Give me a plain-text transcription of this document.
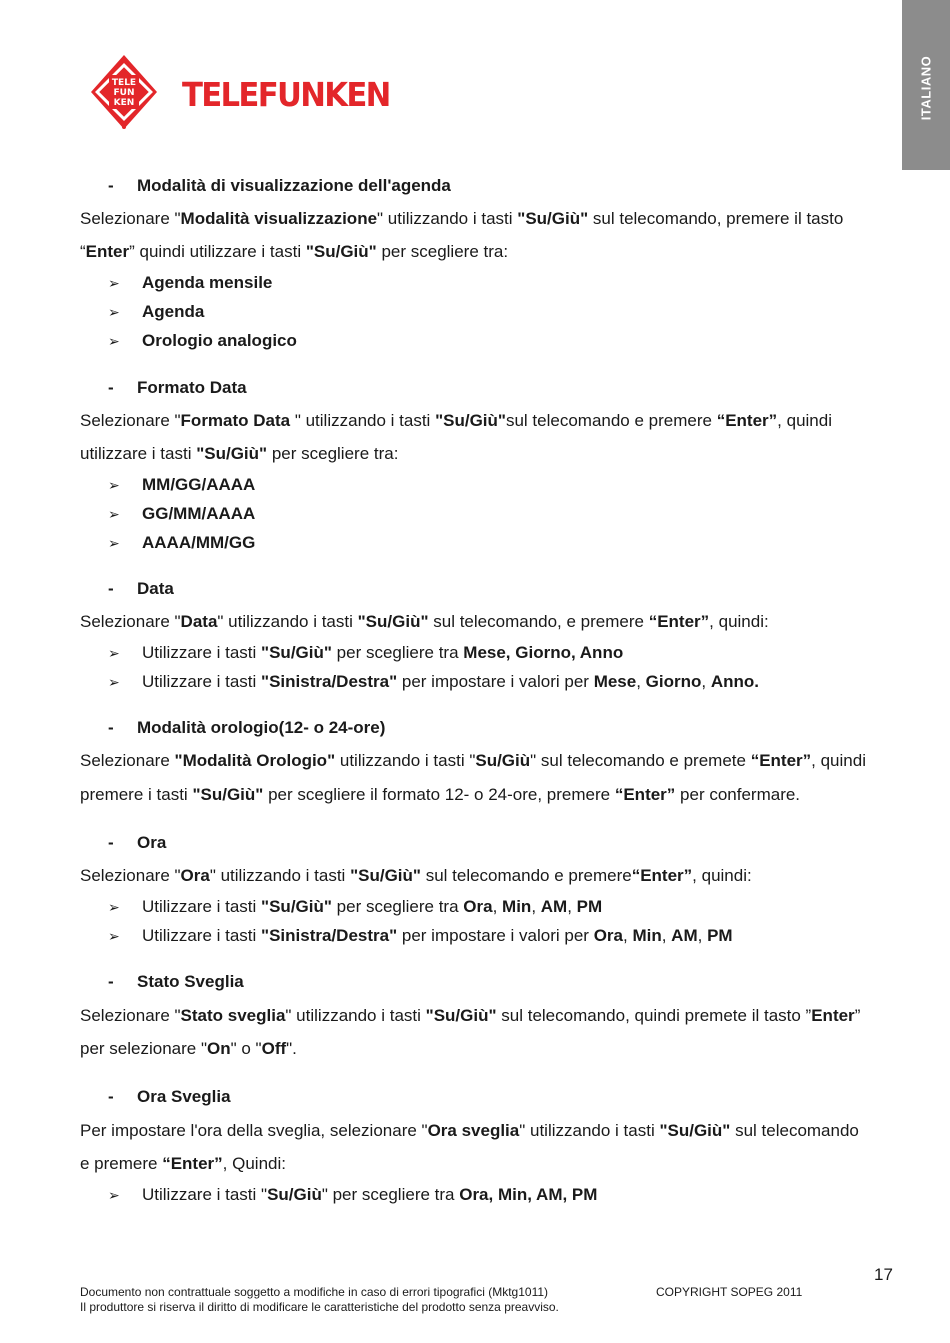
ITALIANO
TELE
FUN
KEN TELEFUNKEN
- Modalità di visualizzazione dell'agenda
Selezionare "Modalità visualizzazione" utilizzando i tasti "Su/Giù" sul telecomando, premere il tasto
“Enter” quindi utilizzare i tasti "Su/Giù" per scegliere tra:
➢ Agenda mensile
➢ Agenda
➢ Orologio analogico
- Formato Data
Selezionare "Formato Data " utilizzando i tasti "Su/Giù"sul telecomando e premere “Enter”, quindi
utilizzare i tasti "Su/Giù" per scegliere tra:
➢ MM/GG/AAAA
➢ GG/MM/AAAA
➢ AAAA/MM/GG
- Data
Selezionare "Data" utilizzando i tasti "Su/Giù" sul telecomando, e premere “Enter”, quindi:
➢ Utilizzare i tasti "Su/Giù" per scegliere tra Mese, Giorno, Anno
➢ Utilizzare i tasti "Sinistra/Destra" per impostare i valori per Mese, Giorno, Anno.
- Modalità orologio(12- o 24-ore)
Selezionare "Modalità Orologio" utilizzando i tasti "Su/Giù" sul telecomando e premete “Enter”, quindi
premere i tasti "Su/Giù" per scegliere il formato 12- o 24-ore, premere “Enter” per confermare.
- Ora
Selezionare "Ora" utilizzando i tasti "Su/Giù" sul telecomando e premere“Enter”, quindi:
➢ Utilizzare i tasti "Su/Giù" per scegliere tra Ora, Min, AM, PM
➢ Utilizzare i tasti "Sinistra/Destra" per impostare i valori per Ora, Min, AM, PM
- Stato Sveglia
Selezionare "Stato sveglia" utilizzando i tasti "Su/Giù" sul telecomando, quindi premete il tasto ”Enter”
per selezionare "On" o "Off".
- Ora Sveglia
Per impostare l'ora della sveglia, selezionare "Ora sveglia" utilizzando i tasti "Su/Giù" sul telecomando
e premere “Enter”, Quindi:
➢ Utilizzare i tasti "Su/Giù" per scegliere tra Ora, Min, AM, PM
17
Documento non contrattuale soggetto a modifiche in caso di errori tipografici (Mktg1011)	COPYRIGHT SOPEG 2011
Il produttore si riserva il diritto di modificare le caratteristiche del prodotto senza preavviso.
